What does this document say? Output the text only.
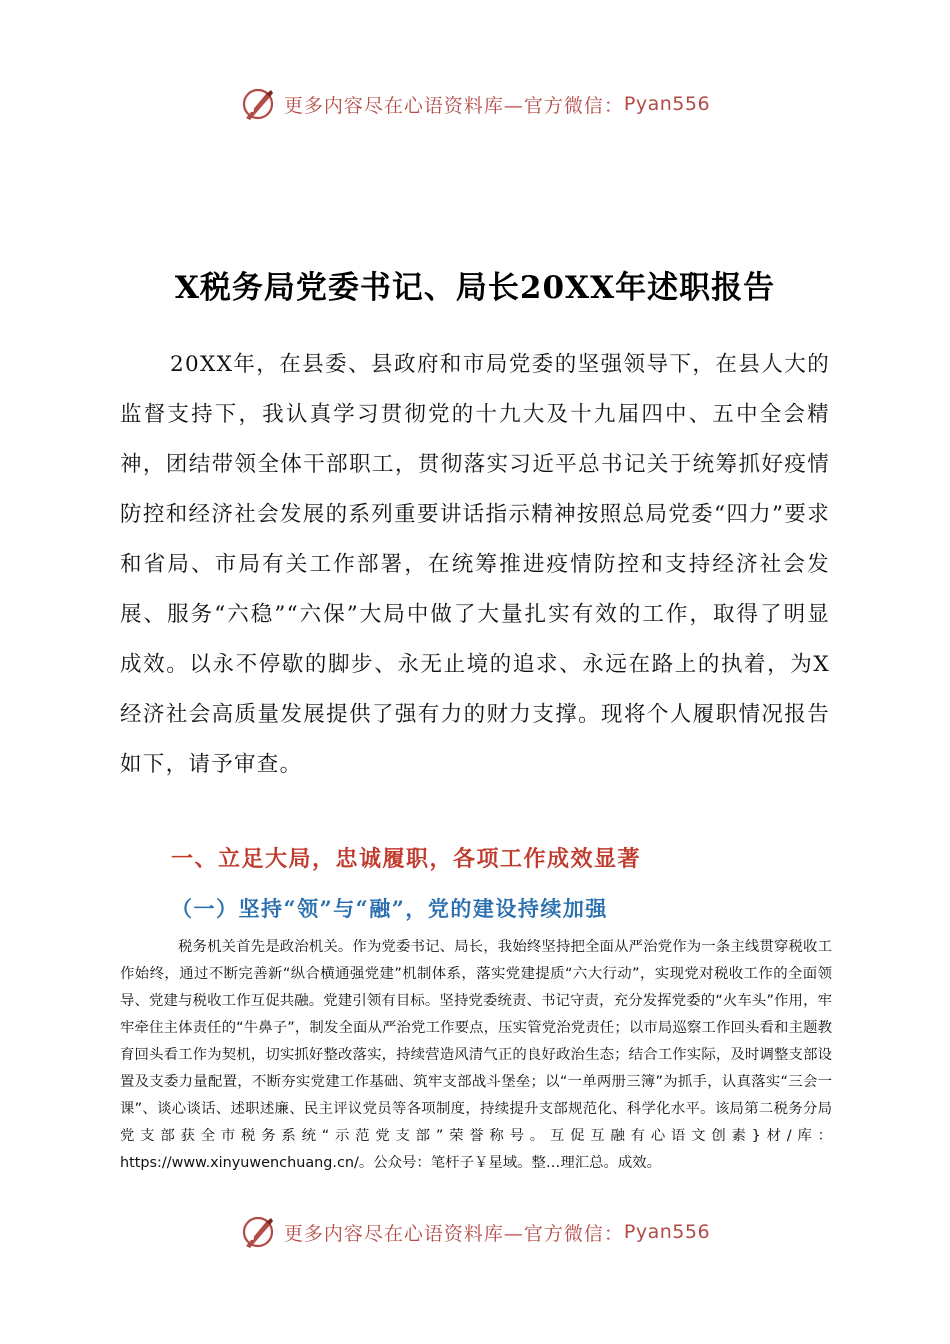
更多内容尽在心语资料库—官方微信： Pyan556
X税务局党委书记、局长20XX年述职报告

20XX年，在县委、县政府和市局党委的坚强领导下，在县人大的监督支持下，我认真学习贯彻党的十九大及十九届四中、五中全会精神，团结带领全体干部职工，贯彻落实习近平总书记关于统筹抓好疫情防控和经济社会发展的系列重要讲话指示精神按照总局党委“四力”要求和省局、市局有关工作部署，在统筹推进疫情防控和支持经济社会发展、服务“六稳”“六保”大局中做了大量扎实有效的工作，取得了明显成效。以永不停歇的脚步、永无止境的追求、永远在路上的执着，为X经济社会高质量发展提供了强有力的财力支撑。现将个人履职情况报告如下，请予审查。

一、立足大局，忠诚履职，各项工作成效显著
（一）坚持“领”与“融”，党的建设持续加强

税务机关首先是政治机关。作为党委书记、局长，我始终坚持把全面从严治党作为一条主线贯穿税收工作始终，通过不断完善新“纵合横通强党建”机制体系，落实党建提质“六大行动”，实现党对税收工作的全面领导、党建与税收工作互促共融。党建引领有目标。坚持党委统责、书记守责，充分发挥党委的“火车头”作用，牢牢牵住主体责任的“牛鼻子”，制发全面从严治党工作要点，压实管党治党责任；以市局巡察工作回头看和主题教育回头看工作为契机，切实抓好整改落实，持续营造风清气正的良好政治生态；结合工作实际，及时调整支部设置及支委力量配置，不断夯实党建工作基础、筑牢支部战斗堡垒；以“一单两册三簿”为抓手，认真落实“三会一课”、谈心谈话、述职述廉、民主评议党员等各项制度，持续提升支部规范化、科学化水平。该局第二税务分局党支部获全市税务系统“示范党支部”荣誉称号。互促互融有心语文创素}材/库：https://www.xinyuwenchuang.cn/。公众号：笔杆子￥星域。整…理汇总。成效。

更多内容尽在心语资料库—官方微信： Pyan556
